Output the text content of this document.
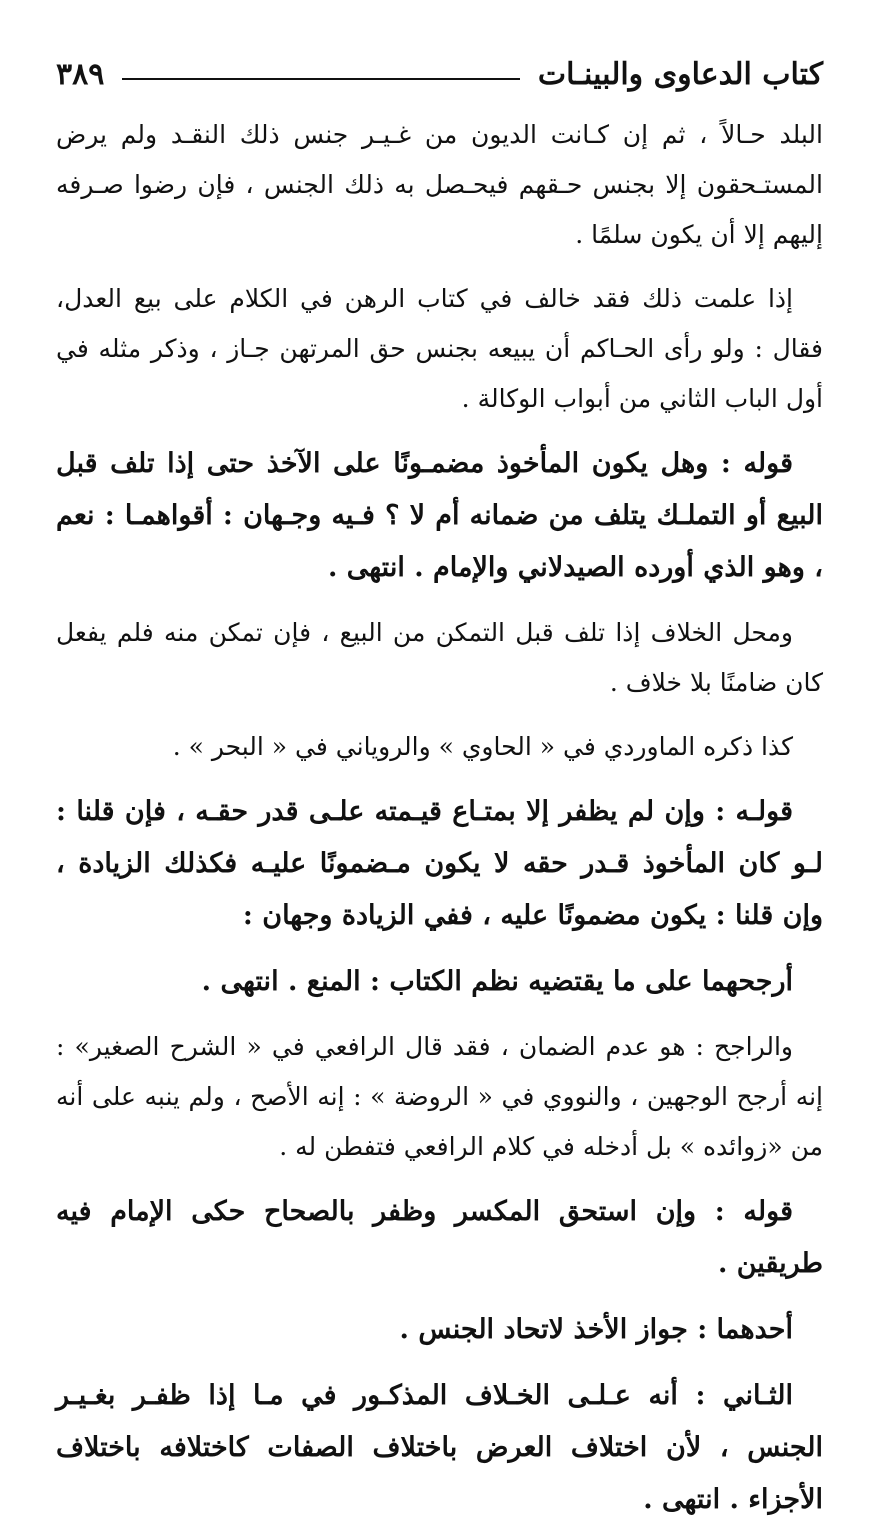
كتاب الدعاوى والبينـات
٣٨٩

البلد حـالاً ، ثم إن كـانت الديون من غـيـر جنس ذلك النقـد ولم يرض المستـحقون إلا بجنس حـقهم فيحـصل به ذلك الجنس ، فإن رضوا صـرفه إليهم إلا أن يكون سلمًا .

إذا علمت ذلك فقد خالف في كتاب الرهن في الكلام على بيع العدل، فقال : ولو رأى الحـاكم أن يبيعه بجنس حق المرتهن جـاز ، وذكر مثله في أول الباب الثاني من أبواب الوكالة .

قوله : وهل يكون المأخوذ مضمـونًا على الآخذ حتى إذا تلف قبل البيع أو التملـك يتلف من ضمانه أم لا ؟ فـيه وجـهان : أقواهمـا : نعم ، وهو الذي أورده الصيدلاني والإمام . انتهى .

ومحل الخلاف إذا تلف قبل التمكن من البيع ، فإن تمكن منه فلم يفعل كان ضامنًا بلا خلاف .

كذا ذكره الماوردي في « الحاوي » والروياني في « البحر » .

قولـه : وإن لم يظفر إلا بمتـاع قيـمته علـى قدر حقـه ، فإن قلنا : لـو كان المأخوذ قـدر حقه لا يكون مـضمونًا عليـه فكذلك الزيادة ، وإن قلنا : يكون مضمونًا عليه ، ففي الزيادة وجهان :

أرجحهما على ما يقتضيه نظم الكتاب : المنع . انتهى .

والراجح : هو عدم الضمان ، فقد قال الرافعي في « الشرح الصغير» : إنه أرجح الوجهين ، والنووي في « الروضة » : إنه الأصح ، ولم ينبه على أنه من «زوائده » بل أدخله في كلام الرافعي فتفطن له .

قوله : وإن استحق المكسر وظفر بالصحاح حكى الإمام فيه طريقين .

أحدهما : جواز الأخذ لاتحاد الجنس .

الثـاني : أنه عـلـى الخـلاف المذكـور في مـا إذا ظفـر بغـيـر الجنس ، لأن اختلاف العرض باختلاف الصفات كاختلافه باختلاف الأجزاء . انتهى .
